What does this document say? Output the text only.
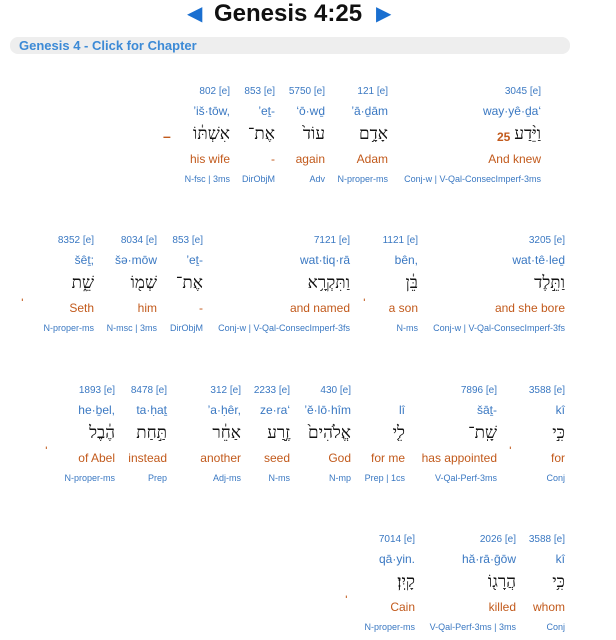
◀ Genesis 4:25 ▶
Genesis 4 - Click for Chapter
3045 [e]
way·yê·ḏa‘
וַיֵּ֨דַע
And knew
Conj-w | V-Qal-ConsecImperf-3ms
121 [e]
’ā·ḏām
אָדָ֥ם
Adam
N-proper-ms
5750 [e]
‘ō·wḏ
עוֹד֙
again
Adv
853 [e]
’eṯ-
אֶת־
-
DirObjM
802 [e]
’iš·tōw,
אִשְׁתּ֔וֹ
his wife
N-fsc | 3ms
3205 [e]
wat·tê·leḏ
וַתֵּ֣לֶד
and she bore
Conj-w | V-Qal-ConsecImperf-3fs
1121 [e]
bên,
בֵּ֔ן
a son
N-ms
7121 [e]
wat·tiq·rā
וַתִּקְרָ֥א
and named
Conj-w | V-Qal-ConsecImperf-3fs
853 [e]
’eṯ-
אֶת־
-
DirObjM
8034 [e]
šə·mōw
שְׁמ֖וֹ
him
N-msc | 3ms
8352 [e]
šêṯ;
שֵׁ֑ת
Seth
N-proper-ms
3588 [e]
kî
כִּ֣י
for
Conj
7896 [e]
šāṯ-
שָֽׁת־
has appointed
V-Qal-Perf-3ms
lî
לִ֤י
for me
Prep | 1cs
430 [e]
’ĕ·lō·hîm
אֱלֹהִים֙
God
N-mp
2233 [e]
ze·ra‘
זֶ֣רַע
seed
N-ms
312 [e]
’a·ḥêr,
אַחֵ֔ר
another
Adj-ms
8478 [e]
ta·ḥaṯ
תַּ֣חַת
instead
Prep
1893 [e]
he·ḇel,
הֶ֔בֶל
of Abel
N-proper-ms
3588 [e]
kî
כִּ֥י
whom
Conj
2026 [e]
hă·rā·ḡōw
הֲרָג֖וֹ
killed
V-Qal-Perf-3ms | 3ms
7014 [e]
qā·yin.
קָֽיִן׃
Cain
N-proper-ms
25
–
ˌ	ˌ
ˌ	ˌ
ˌ
